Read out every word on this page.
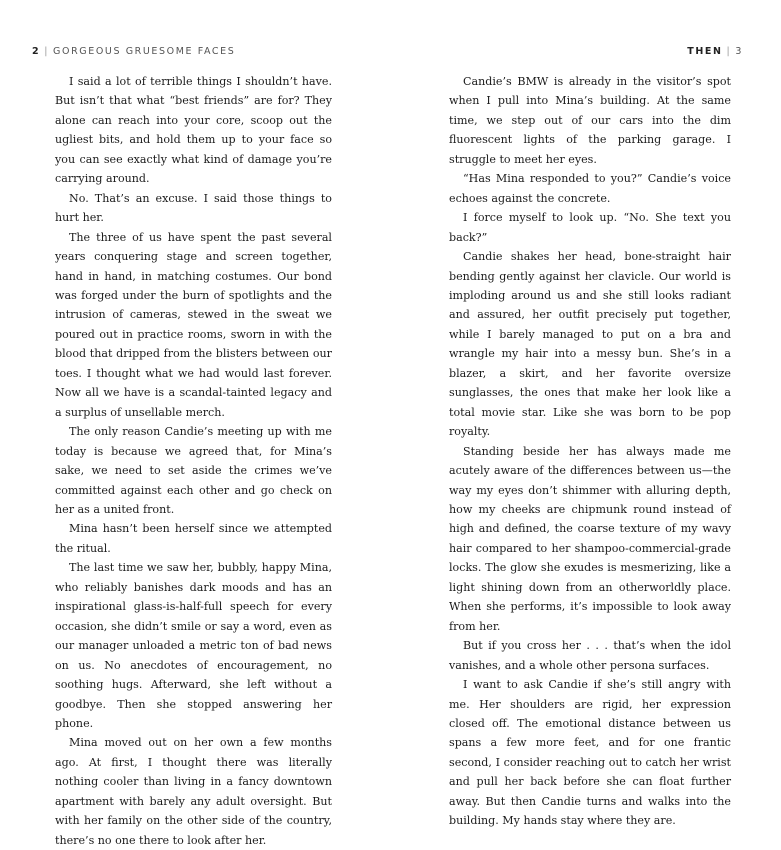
2 | GORGEOUS GRUESOME FACES

I said a lot of terrible things I shouldn’t have. But isn’t that what “best friends” are for? They alone can reach into your core, scoop out the ugliest bits, and hold them up to your face so you can see exactly what kind of damage you’re carrying around.

No. That’s an excuse. I said those things to hurt her.

The three of us have spent the past several years conquering stage and screen together, hand in hand, in matching costumes. Our bond was forged under the burn of spotlights and the intrusion of cameras, stewed in the sweat we poured out in practice rooms, sworn in with the blood that dripped from the blisters between our toes. I thought what we had would last forever. Now all we have is a scandal-tainted legacy and a surplus of unsellable merch.

The only reason Candie’s meeting up with me today is because we agreed that, for Mina’s sake, we need to set aside the crimes we’ve committed against each other and go check on her as a united front.

Mina hasn’t been herself since we attempted the ritual.

The last time we saw her, bubbly, happy Mina, who reliably banishes dark moods and has an inspirational glass-is-half-full speech for every occasion, she didn’t smile or say a word, even as our manager unloaded a metric ton of bad news on us. No anecdotes of encouragement, no soothing hugs. Afterward, she left without a goodbye. Then she stopped answering her phone.

Mina moved out on her own a few months ago. At first, I thought there was literally nothing cooler than living in a fancy downtown apartment with barely any adult oversight. But with her family on the other side of the country, there’s no one there to look after her.

THEN | 3

Candie’s BMW is already in the visitor’s spot when I pull into Mina’s building. At the same time, we step out of our cars into the dim fluorescent lights of the parking garage. I struggle to meet her eyes.

“Has Mina responded to you?” Candie’s voice echoes against the concrete.

I force myself to look up. “No. She text you back?”

Candie shakes her head, bone-straight hair bending gently against her clavicle. Our world is imploding around us and she still looks radiant and assured, her outfit precisely put together, while I barely managed to put on a bra and wrangle my hair into a messy bun. She’s in a blazer, a skirt, and her favorite oversize sunglasses, the ones that make her look like a total movie star. Like she was born to be pop royalty.

Standing beside her has always made me acutely aware of the differences between us—the way my eyes don’t shimmer with alluring depth, how my cheeks are chipmunk round instead of high and defined, the coarse texture of my wavy hair compared to her shampoo-commercial-grade locks. The glow she exudes is mesmerizing, like a light shining down from an otherworldly place. When she performs, it’s impossible to look away from her.

But if you cross her . . . that’s when the idol vanishes, and a whole other persona surfaces.

I want to ask Candie if she’s still angry with me. Her shoulders are rigid, her expression closed off. The emotional distance between us spans a few more feet, and for one frantic second, I consider reaching out to catch her wrist and pull her back before she can float further away. But then Candie turns and walks into the building. My hands stay where they are.
